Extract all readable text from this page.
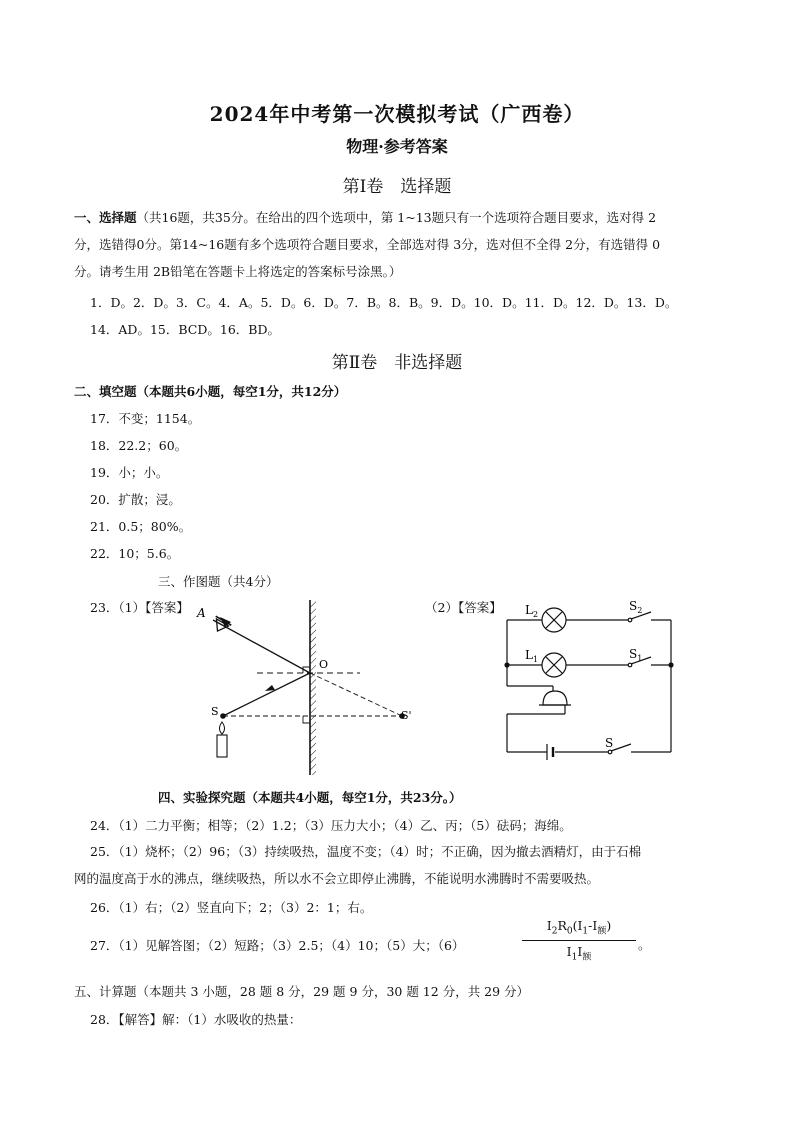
2024年中考第一次模拟考试（广西卷）
物理·参考答案
第Ⅰ卷　选择题
一、选择题（共16题，共35分。在给出的四个选项中，第 1~13题只有一个选项符合题目要求，选对得 2
分，选错得0分。第14~16题有多个选项符合题目要求，全部选对得 3分，选对但不全得 2分，有选错得 0
分。请考生用 2B铅笔在答题卡上将选定的答案标号涂黑。）
1．D。2．D。3．C。4．A。5．D。6．D。7．B。8．B。9．D。10．D。11．D。12．D。13．D。
14．AD。15．BCD。16．BD。
第Ⅱ卷　非选择题
二、填空题（本题共6小题，每空1分，共12分）
17．不变；1154。
18．22.2；60。
19．小；小。
20．扩散；浸。
21．0.5；80%。
22．10；5.6。
三、作图题（共4分）
23．（1）【答案】	（2）【答案】
A
O
S	S'
$L_2$
$S_2$
$L_1$	$S_1$
S
四、实验探究题（本题共4小题，每空1分，共23分。）
24．（1）二力平衡；相等；（2）1.2；（3）压力大小；（4）乙、丙；（5）砝码；海绵。
25．（1）烧杯；（2）96；（3）持续吸热，温度不变；（4）时；不正确，因为撤去酒精灯，由于石棉
网的温度高于水的沸点，继续吸热，所以水不会立即停止沸腾，不能说明水沸腾时不需要吸热。
26．（1）右；（2）竖直向下；2；（3）2：1；右。
27．（1）见解答图；（2）短路；（3）2.5；（4）10；（5）大；（6）
$I_2R_0(I_1-I_额)$
$I_1I_额$
。
五、计算题（本题共 3 小题，28 题 8 分，29 题 9 分，30 题 12 分，共 29 分）
28．【解答】解：（1）水吸收的热量：
